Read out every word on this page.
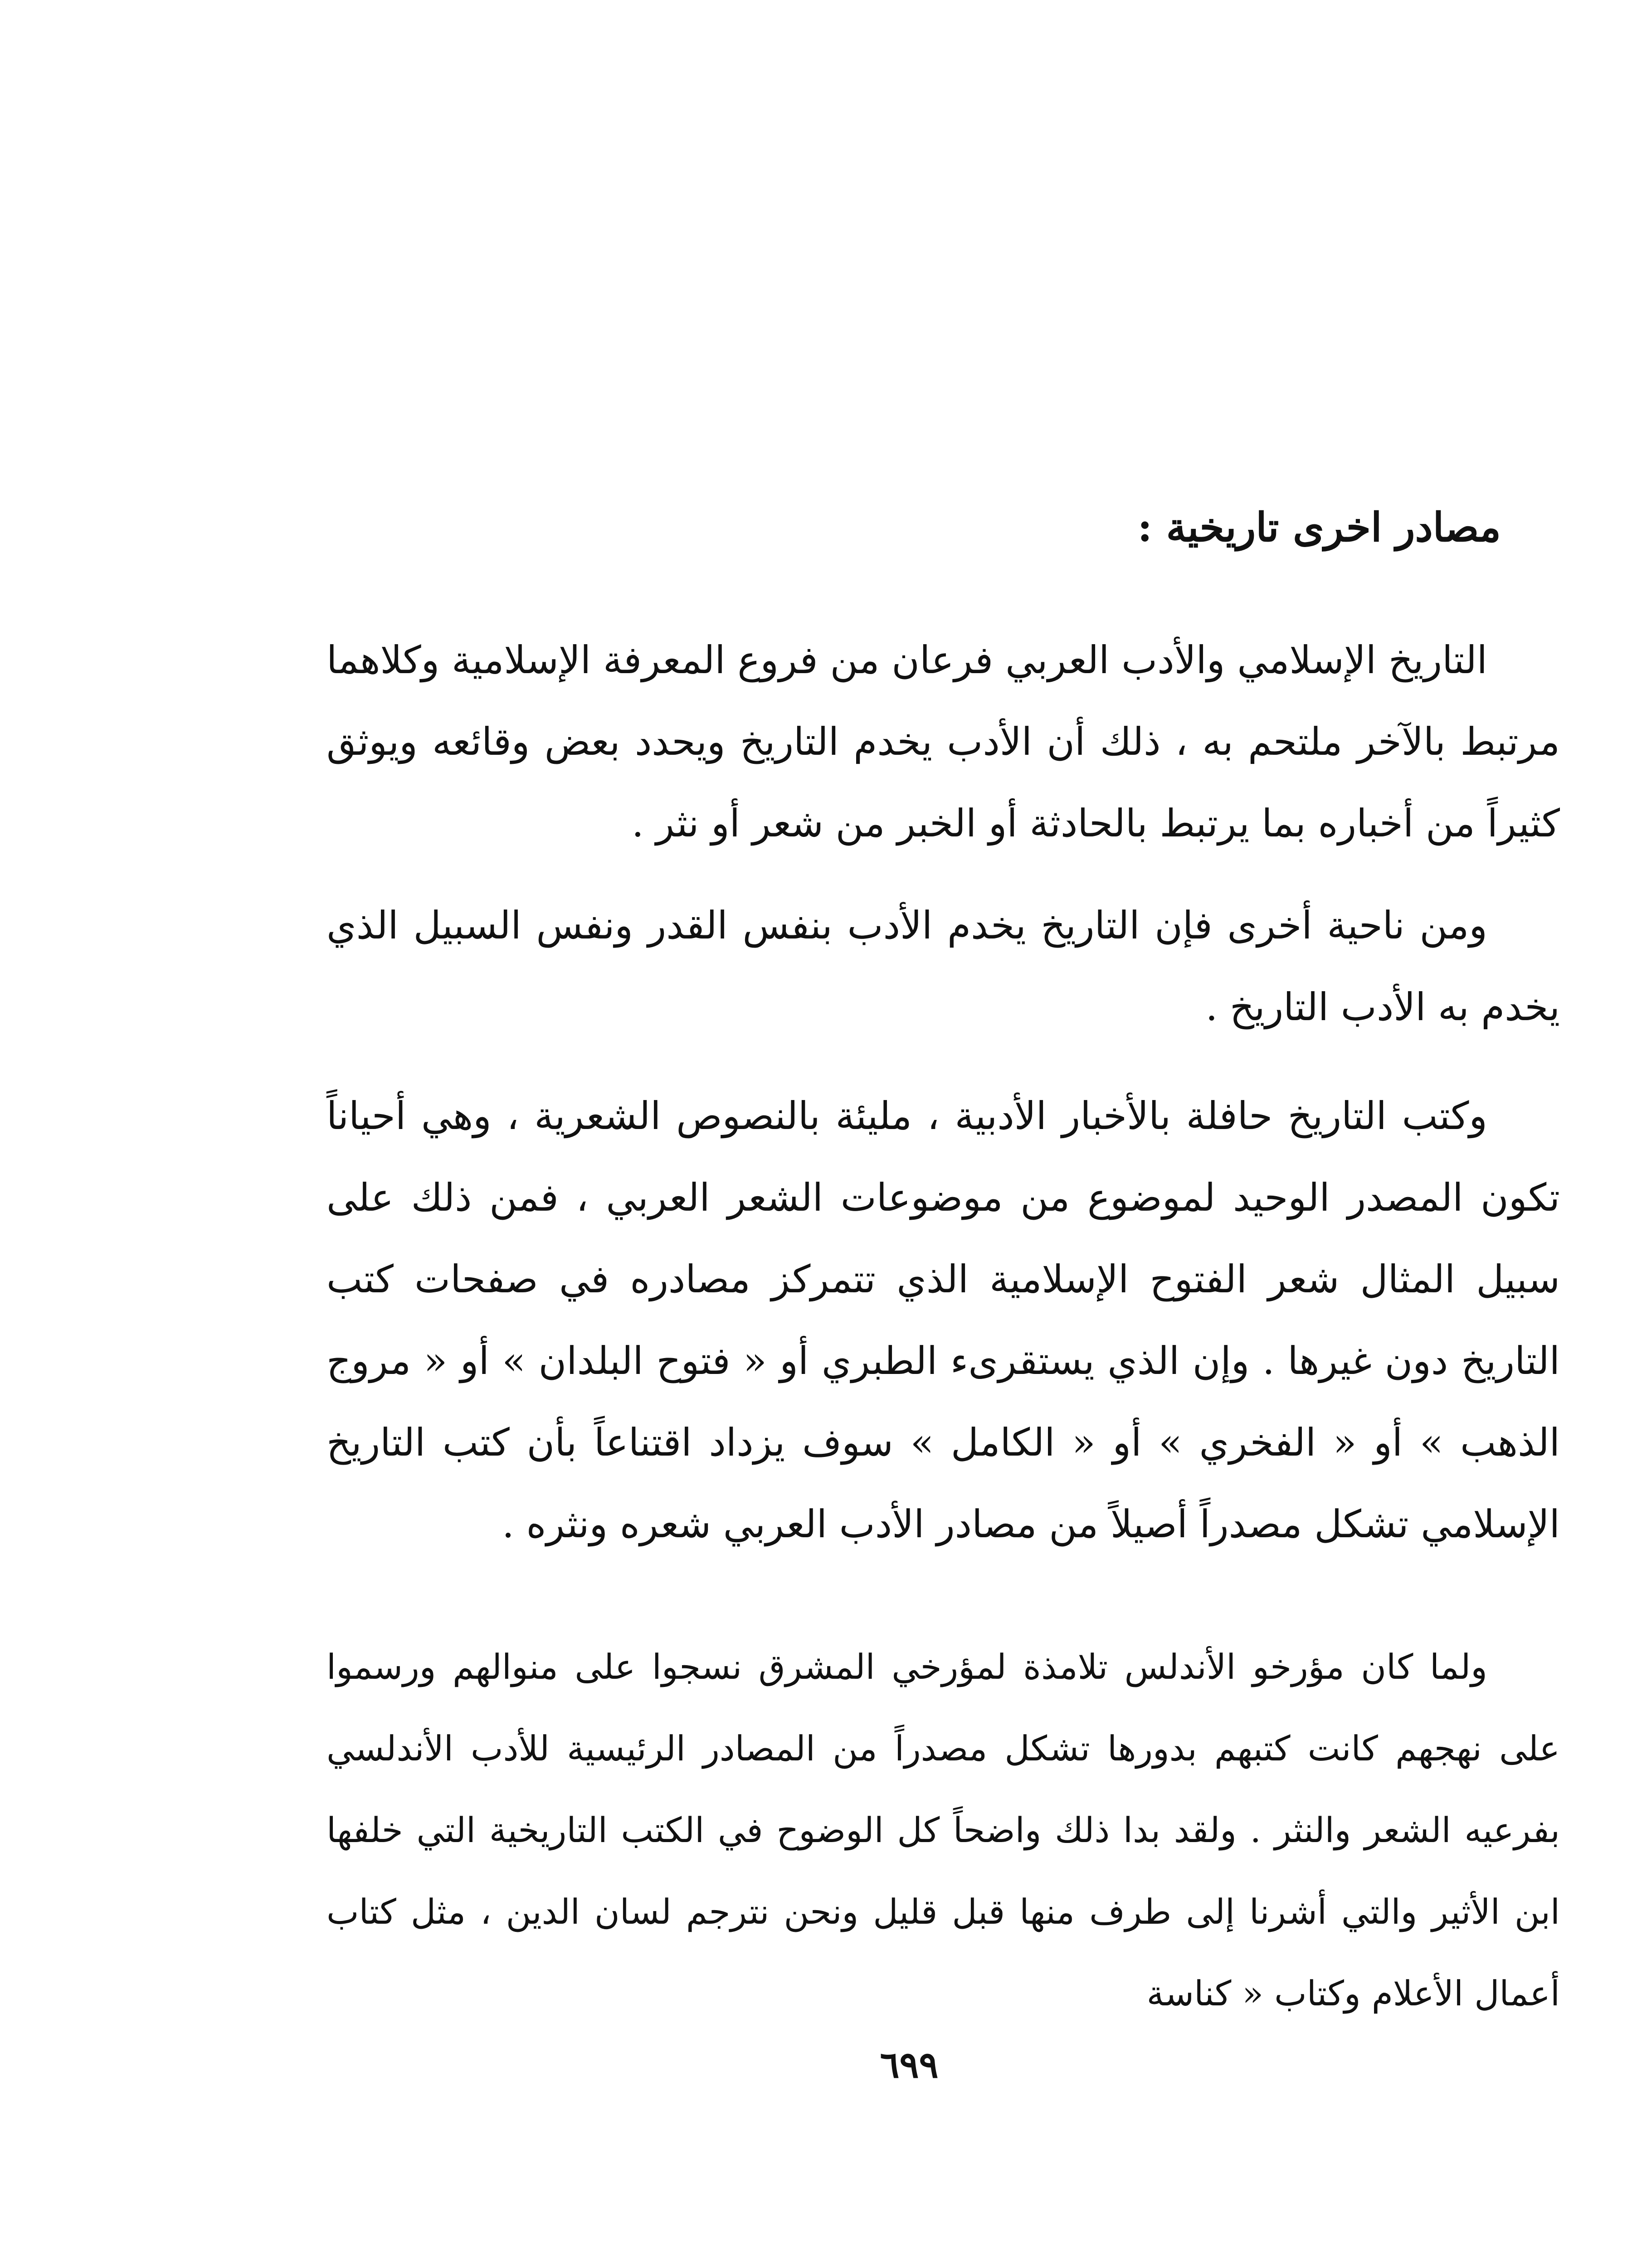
مصادر اخرى تاريخية :

التاريخ الإسلامي والأدب العربي فرعان من فروع المعرفة الإسلامية وكلاهما مرتبط بالآخر ملتحم به ، ذلك أن الأدب يخدم التاريخ ويحدد بعض وقائعه ويوثق كثيراً من أخباره بما يرتبط بالحادثة أو الخبر من شعر أو نثر .

ومن ناحية أخرى فإن التاريخ يخدم الأدب بنفس القدر ونفس السبيل الذي يخدم به الأدب التاريخ .

وكتب التاريخ حافلة بالأخبار الأدبية ، مليئة بالنصوص الشعرية ، وهي أحياناً تكون المصدر الوحيد لموضوع من موضوعات الشعر العربي ، فمن ذلك على سبيل المثال شعر الفتوح الإسلامية الذي تتمركز مصادره في صفحات كتب التاريخ دون غيرها . وإن الذي يستقرىء الطبري أو « فتوح البلدان » أو « مروج الذهب » أو « الفخري » أو « الكامل » سوف يزداد اقتناعاً بأن كتب التاريخ الإسلامي تشكل مصدراً أصيلاً من مصادر الأدب العربي شعره ونثره .

ولما كان مؤرخو الأندلس تلامذة لمؤرخي المشرق نسجوا على منوالهم ورسموا على نهجهم كانت كتبهم بدورها تشكل مصدراً من المصادر الرئيسية للأدب الأندلسي بفرعيه الشعر والنثر . ولقد بدا ذلك واضحاً كل الوضوح في الكتب التاريخية التي خلفها ابن الأثير والتي أشرنا إلى طرف منها قبل قليل ونحن نترجم لسان الدين ، مثل كتاب أعمال الأعلام وكتاب « كناسة

٦٩٩
